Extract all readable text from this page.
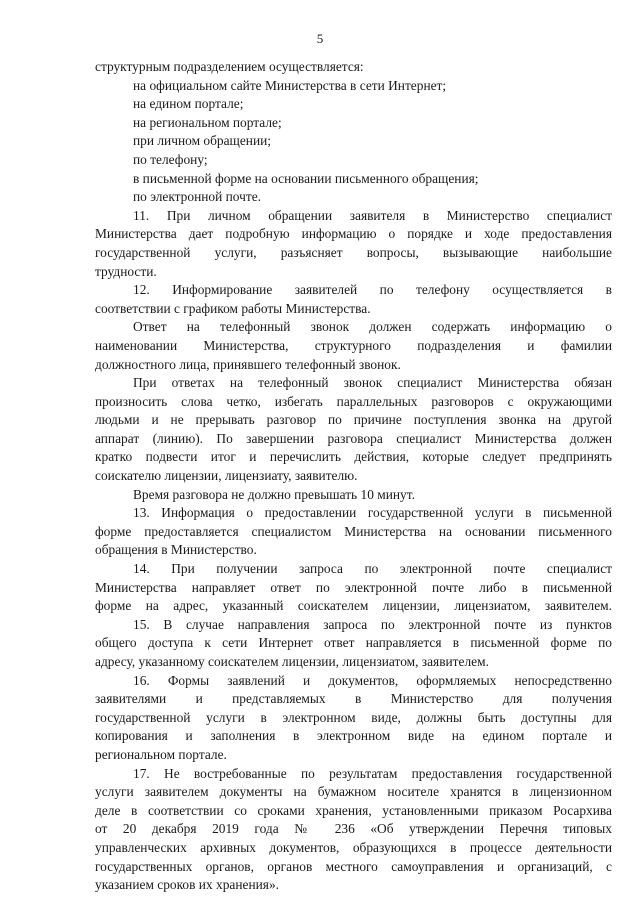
5
структурным подразделением осуществляется:
на официальном сайте Министерства в сети Интернет;
на едином портале;
на региональном портале;
при личном обращении;
по телефону;
в письменной форме на основании письменного обращения;
по электронной почте.
11. При личном обращении заявителя в Министерство специалист
Министерства дает подробную информацию о порядке и ходе предоставления
государственной услуги, разъясняет вопросы, вызывающие наибольшие
трудности.
12. Информирование заявителей по телефону осуществляется в
соответствии с графиком работы Министерства.
Ответ на телефонный звонок должен содержать информацию о
наименовании Министерства, структурного подразделения и фамилии
должностного лица, принявшего телефонный звонок.
При ответах на телефонный звонок специалист Министерства обязан
произносить слова четко, избегать параллельных разговоров с окружающими
людьми и не прерывать разговор по причине поступления звонка на другой
аппарат (линию). По завершении разговора специалист Министерства должен
кратко подвести итог и перечислить действия, которые следует предпринять
соискателю лицензии, лицензиату, заявителю.
Время разговора не должно превышать 10 минут.
13. Информация о предоставлении государственной услуги в письменной
форме предоставляется специалистом Министерства на основании письменного
обращения в Министерство.
14. При получении запроса по электронной почте специалист
Министерства направляет ответ по электронной почте либо в письменной
форме на адрес, указанный соискателем лицензии, лицензиатом, заявителем.
15. В случае направления запроса по электронной почте из пунктов
общего доступа к сети Интернет ответ направляется в письменной форме по
адресу, указанному соискателем лицензии, лицензиатом, заявителем.
16. Формы заявлений и документов, оформляемых непосредственно
заявителями и представляемых в Министерство для получения
государственной услуги в электронном виде, должны быть доступны для
копирования и заполнения в электронном виде на едином портале и
региональном портале.
17. Не востребованные по результатам предоставления государственной
услуги заявителем документы на бумажном носителе хранятся в лицензионном
деле в соответствии со сроками хранения, установленными приказом Росархива
от 20 декабря 2019 года № 236 «Об утверждении Перечня типовых
управленческих архивных документов, образующихся в процессе деятельности
государственных органов, органов местного самоуправления и организаций, с
указанием сроков их хранения».
